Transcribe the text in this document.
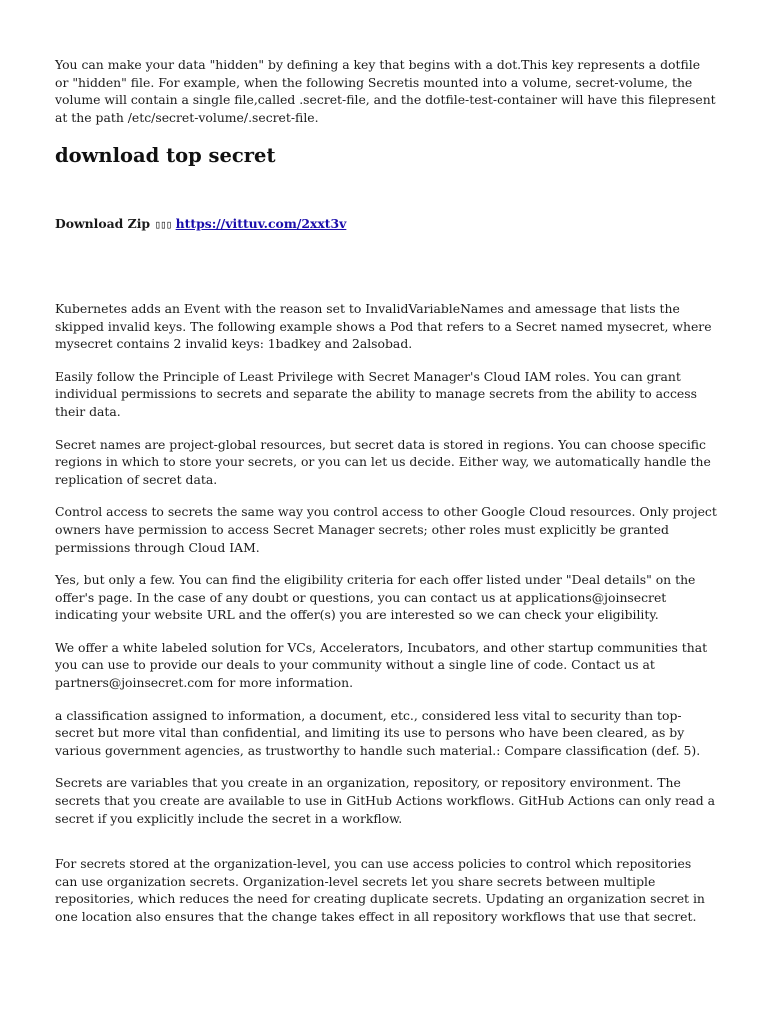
You can make your data "hidden" by defining a key that begins with a dot.This key represents a dotfile or "hidden" file. For example, when the following Secretis mounted into a volume, secret-volume, the volume will contain a single file,called .secret-file, and the dotfile-test-container will have this filepresent at the path /etc/secret-volume/.secret-file.

download top secret
Download Zip ▯▯▯ https://vittuv.com/2xxt3v

Kubernetes adds an Event with the reason set to InvalidVariableNames and amessage that lists the skipped invalid keys. The following example shows a Pod that refers to a Secret named mysecret, where mysecret contains 2 invalid keys: 1badkey and 2alsobad.

Easily follow the Principle of Least Privilege with Secret Manager's Cloud IAM roles. You can grant individual permissions to secrets and separate the ability to manage secrets from the ability to access their data.

Secret names are project-global resources, but secret data is stored in regions. You can choose specific regions in which to store your secrets, or you can let us decide. Either way, we automatically handle the replication of secret data.

Control access to secrets the same way you control access to other Google Cloud resources. Only project owners have permission to access Secret Manager secrets; other roles must explicitly be granted permissions through Cloud IAM.

Yes, but only a few. You can find the eligibility criteria for each offer listed under "Deal details" on the offer's page. In the case of any doubt or questions, you can contact us at applications@joinsecret indicating your website URL and the offer(s) you are interested so we can check your eligibility.

We offer a white labeled solution for VCs, Accelerators, Incubators, and other startup communities that you can use to provide our deals to your community without a single line of code. Contact us at partners@joinsecret.com for more information.

a classification assigned to information, a document, etc., considered less vital to security than top-secret but more vital than confidential, and limiting its use to persons who have been cleared, as by various government agencies, as trustworthy to handle such material.: Compare classification (def. 5).

Secrets are variables that you create in an organization, repository, or repository environment. The secrets that you create are available to use in GitHub Actions workflows. GitHub Actions can only read a secret if you explicitly include the secret in a workflow.

For secrets stored at the organization-level, you can use access policies to control which repositories can use organization secrets. Organization-level secrets let you share secrets between multiple repositories, which reduces the need for creating duplicate secrets. Updating an organization secret in one location also ensures that the change takes effect in all repository workflows that use that secret.
